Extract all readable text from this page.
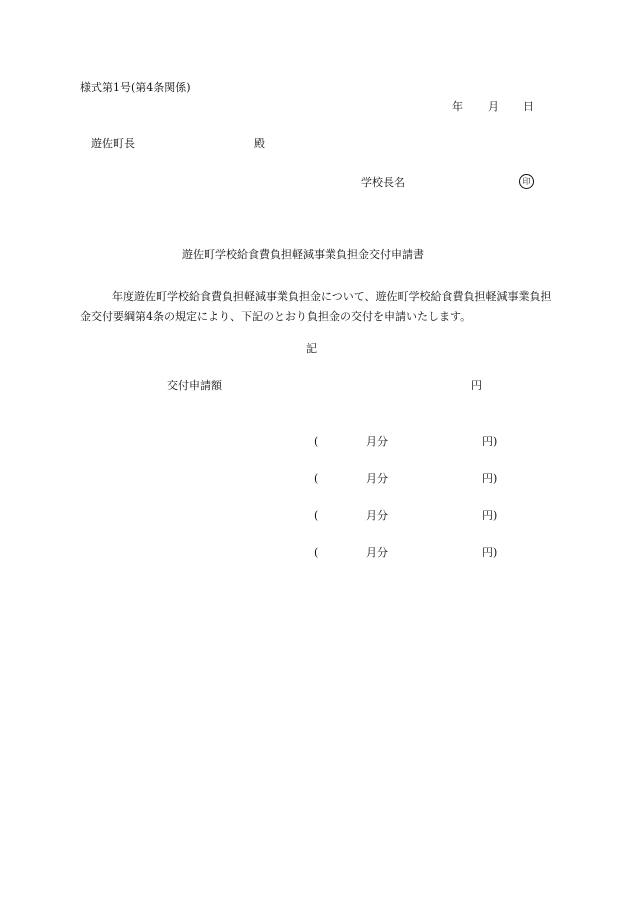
様式第1号(第4条関係)
年 月 日
遊佐町長	殿
学校長名	印
遊佐町学校給食費負担軽減事業負担金交付申請書
年度遊佐町学校給食費負担軽減事業負担金について、遊佐町学校給食費負担軽減事業負担金交付要綱第4条の規定により、下記のとおり負担金の交付を申請いたします。
記
交付申請額	円
(	月分	円)
(	月分	円)
(	月分	円)
(	月分	円)
